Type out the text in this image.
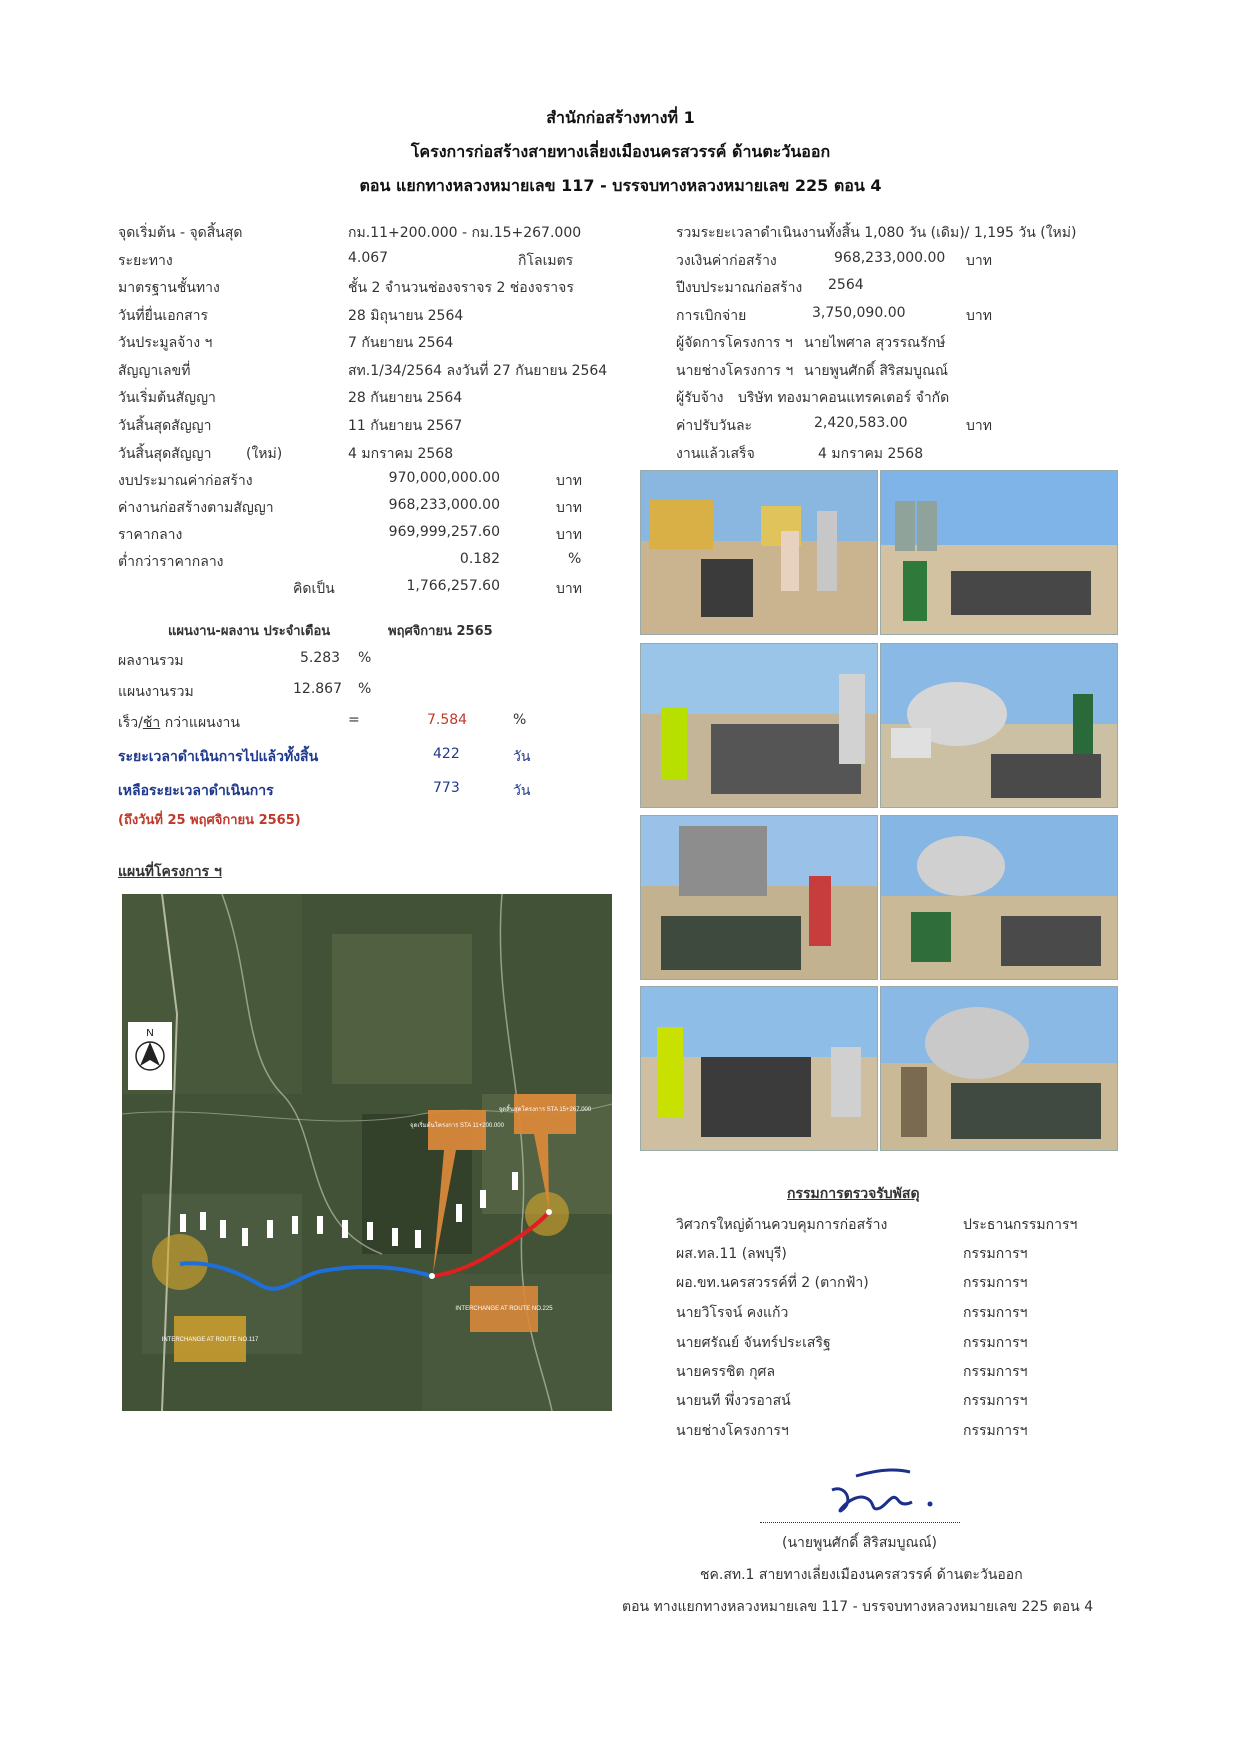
สำนักก่อสร้างทางที่ 1
โครงการก่อสร้างสายทางเลี่ยงเมืองนครสวรรค์ ด้านตะวันออก
ตอน แยกทางหลวงหมายเลข 117 - บรรจบทางหลวงหมายเลข 225 ตอน 4
จุดเริ่มต้น - จุดสิ้นสุด	กม.11+200.000 - กม.15+267.000
ระยะทาง	4.067	กิโลเมตร
มาตรฐานชั้นทาง	ชั้น 2 จำนวนช่องจราจร 2 ช่องจราจร
วันที่ยื่นเอกสาร	28 มิถุนายน 2564
วันประมูลจ้าง ฯ	7 กันยายน 2564
สัญญาเลขที่	สท.1/34/2564 ลงวันที่ 27 กันยายน 2564
วันเริ่มต้นสัญญา	28 กันยายน 2564
วันสิ้นสุดสัญญา	11 กันยายน 2567
วันสิ้นสุดสัญญา (ใหม่)	4 มกราคม 2568
งบประมาณค่าก่อสร้าง	970,000,000.00	บาท
ค่างานก่อสร้างตามสัญญา	968,233,000.00	บาท
ราคากลาง	969,999,257.60	บาท
ต่ำกว่าราคากลาง	0.182	%
คิดเป็น	1,766,257.60	บาท
รวมระยะเวลาดำเนินงานทั้งสิ้น 1,080 วัน (เดิม)/ 1,195 วัน (ใหม่)
วงเงินค่าก่อสร้าง	968,233,000.00 บาท
ปีงบประมาณก่อสร้าง 2564
การเบิกจ่าย	3,750,090.00	บาท
ผู้จัดการโครงการ ฯ นายไพศาล สุวรรณรักษ์
นายช่างโครงการ ฯ นายพูนศักดิ์ สิริสมบูณณ์
ผู้รับจ้าง บริษัท ทองมาคอนแทรคเตอร์ จำกัด
ค่าปรับวันละ	2,420,583.00	บาท
งานแล้วเสร็จ	4 มกราคม 2568
แผนงาน-ผลงาน ประจำเดือน	พฤศจิกายน 2565
ผลงานรวม	5.283 %
แผนงานรวม	12.867 %
เร็ว/ช้า กว่าแผนงาน	=	7.584	%
ระยะเวลาดำเนินการไปแล้วทั้งสิ้น	422	วัน
เหลือระยะเวลาดำเนินการ	773	วัน
(ถึงวันที่ 25 พฤศจิกายน 2565)
แผนที่โครงการ ฯ
N
จุดเริ่มต้นโครงการ STA 11+200.000
จุดสิ้นสุดโครงการ STA 15+267.000
INTERCHANGE AT ROUTE NO.117
INTERCHANGE AT ROUTE NO.225
กรรมการตรวจรับพัสดุ
วิศวกรใหญ่ด้านควบคุมการก่อสร้าง	ประธานกรรมการฯ
ผส.ทล.11 (ลพบุรี)	กรรมการฯ
ผอ.ขท.นครสวรรค์ที่ 2 (ตากฟ้า)	กรรมการฯ
นายวิโรจน์ คงแก้ว	กรรมการฯ
นายศรัณย์ จันทร์ประเสริฐ	กรรมการฯ
นายครรชิต กุศล	กรรมการฯ
นายนที พึ่งวรอาสน์	กรรมการฯ
นายช่างโครงการฯ	กรรมการฯ
(นายพูนศักดิ์ สิริสมบูณณ์)
ชค.สท.1 สายทางเลี่ยงเมืองนครสวรรค์ ด้านตะวันออก
ตอน ทางแยกทางหลวงหมายเลข 117 - บรรจบทางหลวงหมายเลข 225 ตอน 4
